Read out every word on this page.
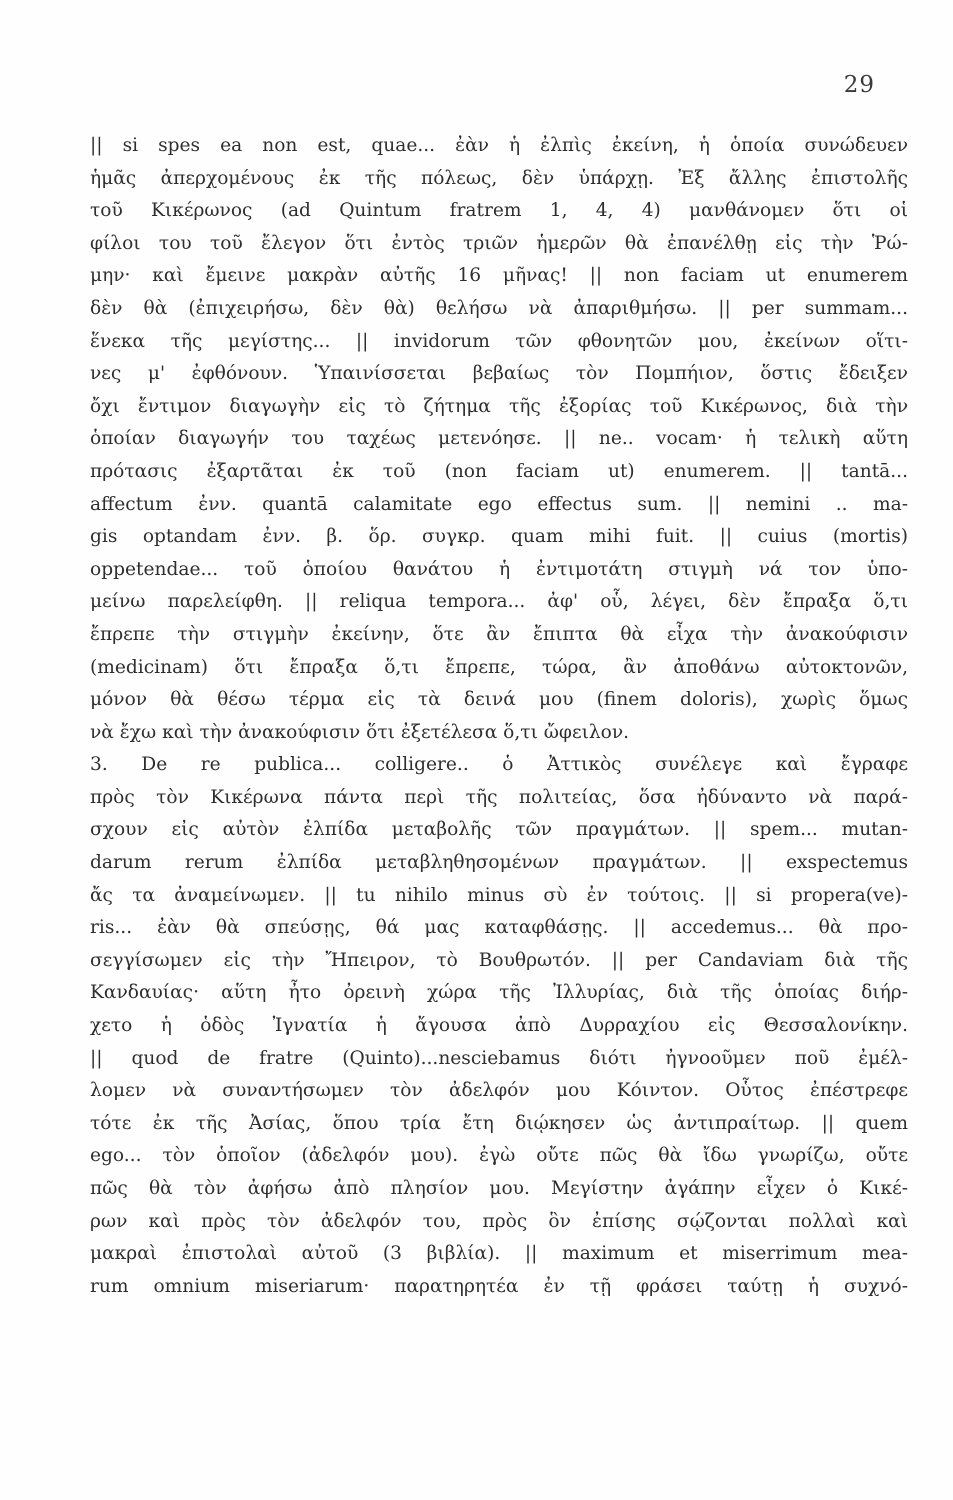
29
|| si spes ea non est, quae... ἐὰν ἡ ἐλπὶς ἐκείνη, ἡ ὁποία συνώδευεν
ἡμᾶς ἀπερχομένους ἐκ τῆς πόλεως, δὲν ὑπάρχῃ. Ἐξ ἄλλης ἐπιστολῆς
τοῦ Κικέρωνος (ad Quintum fratrem 1, 4, 4) μανθάνομεν ὅτι οἱ
φίλοι του τοῦ ἔλεγον ὅτι ἐντὸς τριῶν ἡμερῶν θὰ ἐπανέλθῃ εἰς τὴν Ῥώ-
μην· καὶ ἔμεινε μακρὰν αὐτῆς 16 μῆνας! || non faciam ut enumerem
δὲν θὰ (ἐπιχειρήσω, δὲν θὰ) θελήσω νὰ ἀπαριθμήσω. || per summam...
ἕνεκα τῆς μεγίστης... || invidorum τῶν φθονητῶν μου, ἐκείνων οἵτι-
νες μ' ἐφθόνουν. Ὑπαινίσσεται βεβαίως τὸν Πομπήιον, ὅστις ἔδειξεν
ὄχι ἔντιμον διαγωγὴν εἰς τὸ ζήτημα τῆς ἐξορίας τοῦ Κικέρωνος, διὰ τὴν
ὁποίαν διαγωγήν του ταχέως μετενόησε. || ne.. vocam· ἡ τελικὴ αὕτη
πρότασις ἐξαρτᾶται ἐκ τοῦ (non faciam ut) enumerem. || tantā...
affectum ἐνν. quantā calamitate ego effectus sum. || nemini .. ma-
gis optandam ἐνν. β. ὅρ. συγκρ. quam mihi fuit. || cuius (mortis)
oppetendae... τοῦ ὁποίου θανάτου ἡ ἐντιμοτάτη στιγμὴ νά τον ὑπο-
μείνω παρελείφθη. || reliqua tempora... ἀφ' οὗ, λέγει, δὲν ἔπραξα ὅ,τι
ἔπρεπε τὴν στιγμὴν ἐκείνην, ὅτε ἂν ἔπιπτα θὰ εἶχα τὴν ἀνακούφισιν
(medicinam) ὅτι ἔπραξα ὅ,τι ἔπρεπε, τώρα, ἂν ἀποθάνω αὐτοκτονῶν,
μόνον θὰ θέσω τέρμα εἰς τὰ δεινά μου (finem doloris), χωρὶς ὅμως
νὰ ἔχω καὶ τὴν ἀνακούφισιν ὅτι ἐξετέλεσα ὅ,τι ὤφειλον.
3. De re publica... colligere.. ὁ Ἀττικὸς συνέλεγε καὶ ἔγραφε
πρὸς τὸν Κικέρωνα πάντα περὶ τῆς πολιτείας, ὅσα ἠδύναντο νὰ παρά-
σχουν εἰς αὐτὸν ἐλπίδα μεταβολῆς τῶν πραγμάτων. || spem... mutan-
darum rerum ἐλπίδα μεταβληθησομένων πραγμάτων. || exspectemus
ἄς τα ἀναμείνωμεν. || tu nihilo minus σὺ ἐν τούτοις. || si propera(ve)-
ris... ἐὰν θὰ σπεύσῃς, θά μας καταφθάσῃς. || accedemus... θὰ προ-
σεγγίσωμεν εἰς τὴν Ἤπειρον, τὸ Βουθρωτόν. || per Candaviam διὰ τῆς
Κανδαυίας· αὕτη ἦτο ὀρεινὴ χώρα τῆς Ἰλλυρίας, διὰ τῆς ὁποίας διήρ-
χετο ἡ ὁδὸς Ἰγνατία ἡ ἄγουσα ἀπὸ Δυρραχίου εἰς Θεσσαλονίκην.
|| quod de fratre (Quinto)...nesciebamus διότι ἠγνοοῦμεν ποῦ ἐμέλ-
λομεν νὰ συναντήσωμεν τὸν ἀδελφόν μου Κόιντον. Οὗτος ἐπέστρεφε
τότε ἐκ τῆς Ἀσίας, ὅπου τρία ἔτη διῴκησεν ὡς ἀντιπραίτωρ. || quem
ego... τὸν ὁποῖον (ἀδελφόν μου). ἐγὼ οὔτε πῶς θὰ ἴδω γνωρίζω, οὔτε
πῶς θὰ τὸν ἀφήσω ἀπὸ πλησίον μου. Μεγίστην ἀγάπην εἶχεν ὁ Κικέ-
ρων καὶ πρὸς τὸν ἀδελφόν του, πρὸς ὃν ἐπίσης σῴζονται πολλαὶ καὶ
μακραὶ ἐπιστολαὶ αὐτοῦ (3 βιβλία). || maximum et miserrimum mea-
rum omnium miseriarum· παρατηρητέα ἐν τῇ φράσει ταύτῃ ἡ συχνό-
